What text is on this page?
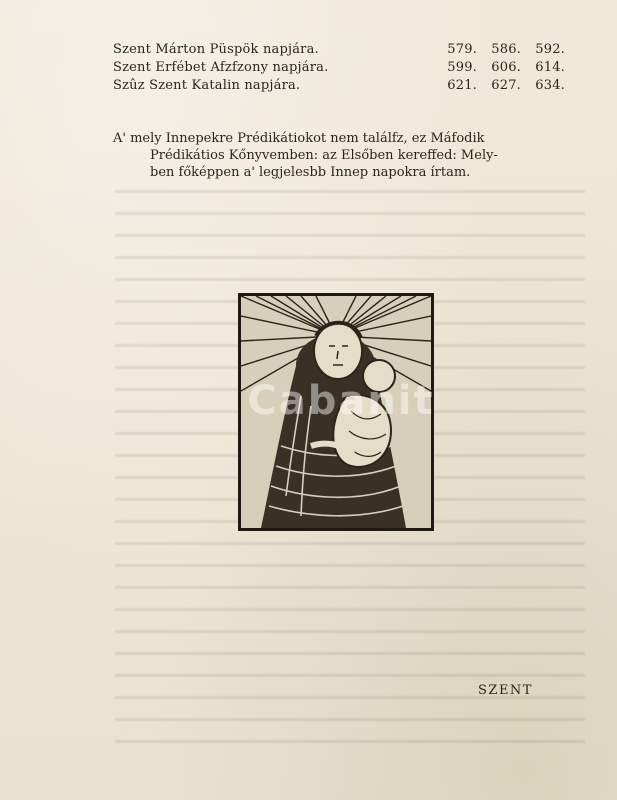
Szent Márton Püspök napjára.	579.	586.	592.
Szent Erfébet Afzfzony napjára.	599.	606.	614.
Szûz Szent Katalin napjára.	621.	627.	634.
A' mely Innepekre Prédikátiokot nem találfz, ez Máfodik
Prédikátios Kőnyvemben: az Elsőben kereffed: Mely-
ben főképpen a' legjelesbb Innep napokra írtam.
Cabanit
SZENT
